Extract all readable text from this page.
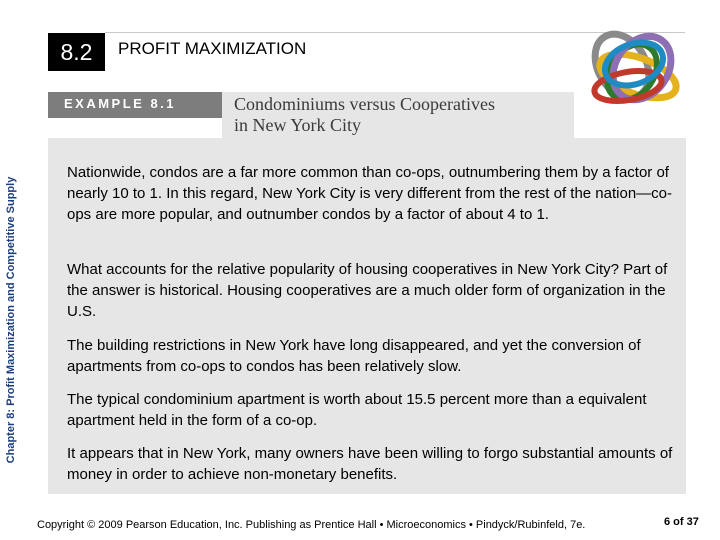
Chapter 8: Profit Maximization and Competitive Supply
8.2	PROFIT MAXIMIZATION
EXAMPLE 8.1	Condominiums versus Cooperatives
in New York City

Nationwide, condos are a far more common than co-ops, outnumbering them by a factor of nearly 10 to 1. In this regard, New York City is very different from the rest of the nation—co-ops are more popular, and outnumber condos by a factor of about 4 to 1.

What accounts for the relative popularity of housing cooperatives in New York City? Part of the answer is historical. Housing cooperatives are a much older form of organization in the U.S.

The building restrictions in New York have long disappeared, and yet the conversion of apartments from co-ops to condos has been relatively slow.

The typical condominium apartment is worth about 15.5 percent more than a equivalent apartment held in the form of a co-op.

It appears that in New York, many owners have been willing to forgo substantial amounts of money in order to achieve non-monetary benefits.

Copyright © 2009 Pearson Education, Inc. Publishing as Prentice Hall • Microeconomics • Pindyck/Rubinfeld, 7e.	6 of 37
